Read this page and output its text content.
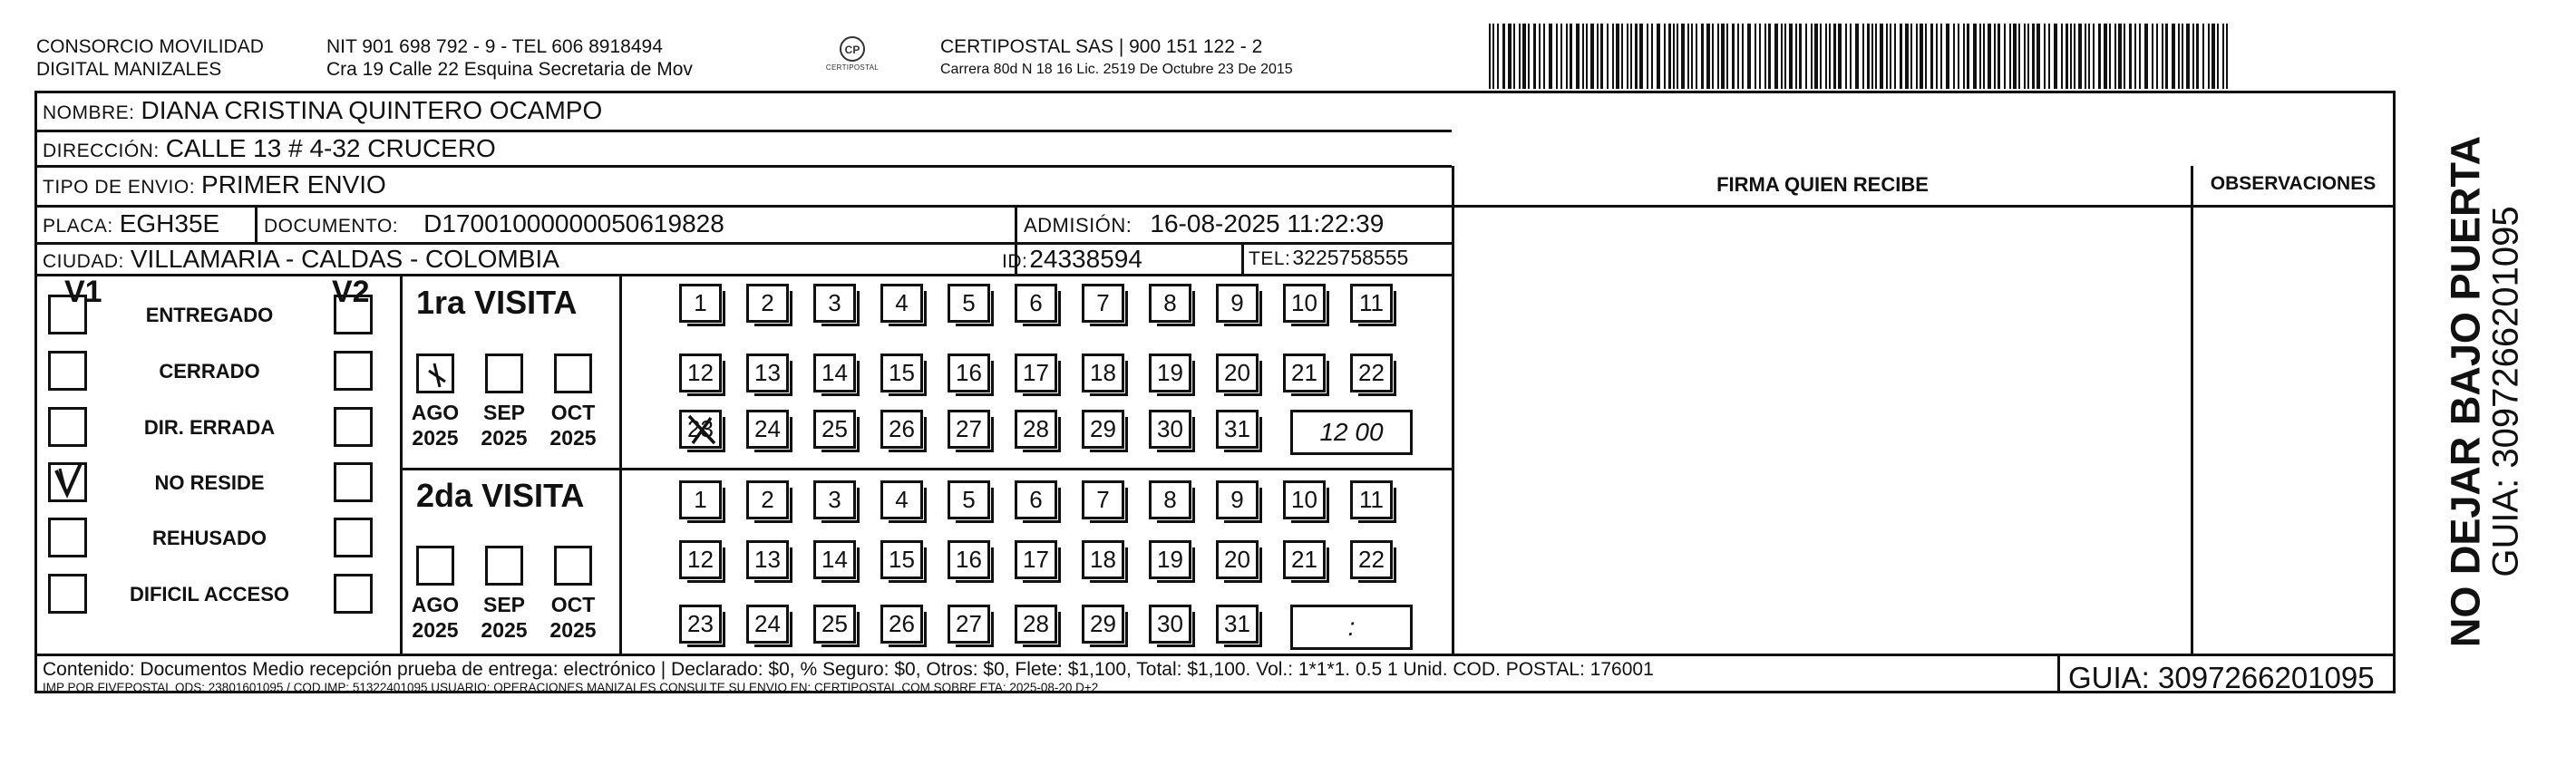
CONSORCIO MOVILIDAD
DIGITAL MANIZALES
NIT 901 698 792 - 9 - TEL 606 8918494
Cra 19 Calle 22 Esquina Secretaria de Mov
CP
CERTIPOSTAL
CERTIPOSTAL SAS | 900 151 122 - 2
Carrera 80d N 18 16 Lic. 2519 De Octubre 23 De 2015
NOMBRE: DIANA CRISTINA QUINTERO OCAMPO
DIRECCIÓN: CALLE 13 # 4-32 CRUCERO
TIPO DE ENVIO: PRIMER ENVIO
PLACA: EGH35E DOCUMENTO: D17001000000050619828	ADMISIÓN: 16-08-2025 11:22:39
CIUDAD: VILLAMARIA - CALDAS - COLOMBIA	ID: 24338594	TEL: 3225758555
FIRMA QUIEN RECIBE	OBSERVACIONES
V1	V2
ENTREGADO
CERRADO
DIR. ERRADA
NO RESIDE
REHUSADO
DIFICIL ACCESO
1ra VISITA
AGO
2025
SEP
2025
OCT
2025
1 2 3 4 5 6 7 8 9 10 11
12 13 14 15 16 17 18 19 20 21 22
23 24 25 26 27 28 29 30 31	12 00
2da VISITA
AGO
2025
SEP
2025
OCT
2025
1 2 3 4 5 6 7 8 9 10 11
12 13 14 15 16 17 18 19 20 21 22
23 24 25 26 27 28 29 30 31	:
Contenido: Documentos Medio recepción prueba de entrega: electrónico | Declarado: $0, % Seguro: $0, Otros: $0, Flete: $1,100, Total: $1,100. Vol.: 1*1*1. 0.5 1 Unid. COD. POSTAL: 176001
IMP POR FIVEPOSTAL ODS: 23801601095 / COD.IMP: 51322401095 USUARIO: OPERACIONES MANIZALES CONSULTE SU ENVIO EN: CERTIPOSTAL.COM SOBRE ETA: 2025-08-20 D+2	GUIA: 3097266201095
NO DEJAR BAJO PUERTA
GUIA: 3097266201095
